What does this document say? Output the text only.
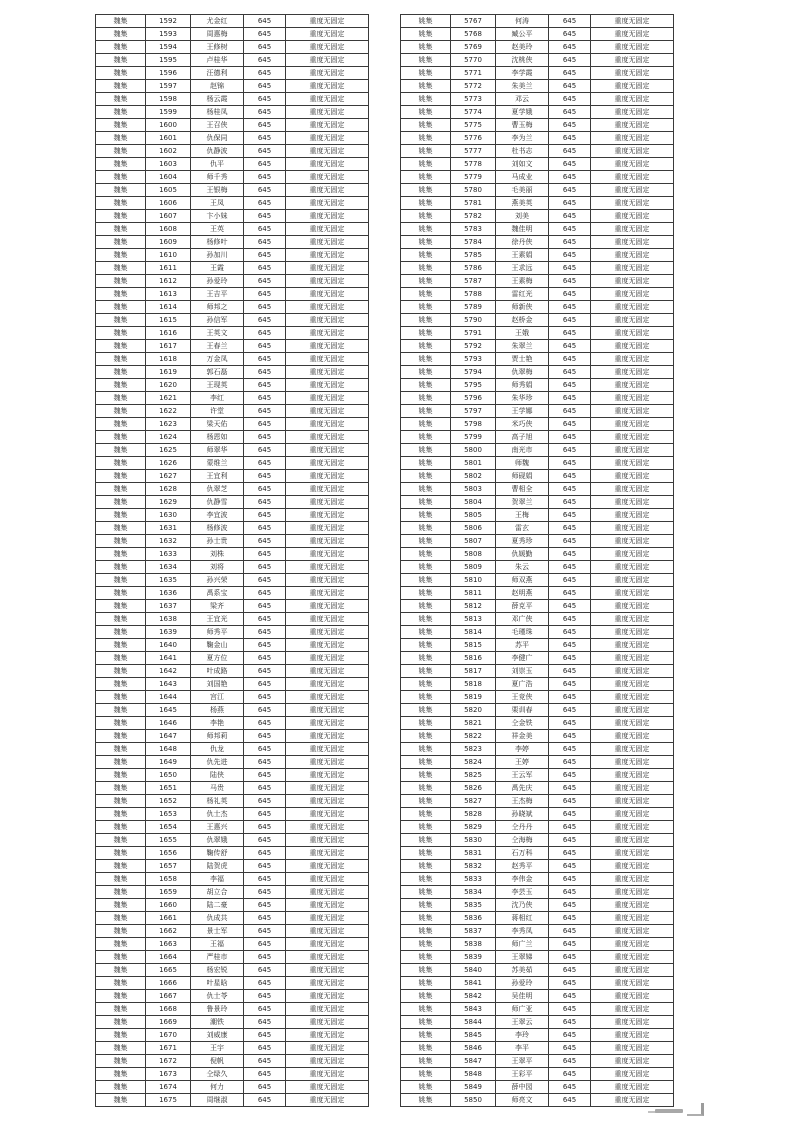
魏集	1592	尤金红	645	重度无固定
魏集	1593	周惠梅	645	重度无固定
魏集	1594	王修树	645	重度无固定
魏集	1595	卢桂华	645	重度无固定
魏集	1596	汪德利	645	重度无固定
魏集	1597	赵锦	645	重度无固定
魏集	1598	杨云霞	645	重度无固定
魏集	1599	杨桂凤	645	重度无固定
魏集	1600	王召侠	645	重度无固定
魏集	1601	仇保同	645	重度无固定
魏集	1602	仇静波	645	重度无固定
魏集	1603	仇平	645	重度无固定
魏集	1604	师千秀	645	重度无固定
魏集	1605	王银梅	645	重度无固定
魏集	1606	王凤	645	重度无固定
魏集	1607	卞小妹	645	重度无固定
魏集	1608	王英	645	重度无固定
魏集	1609	杨修叶	645	重度无固定
魏集	1610	孙加川	645	重度无固定
魏集	1611	王霞	645	重度无固定
魏集	1612	孙爱玲	645	重度无固定
魏集	1613	王吉平	645	重度无固定
魏集	1614	师邦之	645	重度无固定
魏集	1615	孙信军	645	重度无固定
魏集	1616	王英文	645	重度无固定
魏集	1617	王春兰	645	重度无固定
魏集	1618	万金凤	645	重度无固定
魏集	1619	郭石磊	645	重度无固定
魏集	1620	王现英	645	重度无固定
魏集	1621	李红	645	重度无固定
魏集	1622	许堂	645	重度无固定
魏集	1623	梁天佑	645	重度无固定
魏集	1624	杨恩如	645	重度无固定
魏集	1625	师翠华	645	重度无固定
魏集	1626	蒙维兰	645	重度无固定
魏集	1627	王宜利	645	重度无固定
魏集	1628	仇翠芝	645	重度无固定
魏集	1629	仇静雪	645	重度无固定
魏集	1630	李宜波	645	重度无固定
魏集	1631	杨修波	645	重度无固定
魏集	1632	孙士贵	645	重度无固定
魏集	1633	刘株	645	重度无固定
魏集	1634	刘将	645	重度无固定
魏集	1635	孙兴荣	645	重度无固定
魏集	1636	禹系宝	645	重度无固定
魏集	1637	梁齐	645	重度无固定
魏集	1638	王宜光	645	重度无固定
魏集	1639	师秀平	645	重度无固定
魏集	1640	鞠金山	645	重度无固定
魏集	1641	夏方位	645	重度无固定
魏集	1642	叶成路	645	重度无固定
魏集	1643	刘国艳	645	重度无固定
魏集	1644	宫江	645	重度无固定
魏集	1645	杨燕	645	重度无固定
魏集	1646	李艳	645	重度无固定
魏集	1647	师邦莉	645	重度无固定
魏集	1648	仇龙	645	重度无固定
魏集	1649	仇先进	645	重度无固定
魏集	1650	陆侠	645	重度无固定
魏集	1651	马贵	645	重度无固定
魏集	1652	杨礼英	645	重度无固定
魏集	1653	仇士杰	645	重度无固定
魏集	1654	王惠兴	645	重度无固定
魏集	1655	仇翠娥	645	重度无固定
魏集	1656	鞠传舒	645	重度无固定
魏集	1657	陆贺虎	645	重度无固定
魏集	1658	李福	645	重度无固定
魏集	1659	胡立合	645	重度无固定
魏集	1660	陆二豪	645	重度无固定
魏集	1661	仇成共	645	重度无固定
魏集	1662	景士军	645	重度无固定
魏集	1663	王福	645	重度无固定
魏集	1664	严桂市	645	重度无固定
魏集	1665	杨宏锐	645	重度无固定
魏集	1666	叶星晗	645	重度无固定
魏集	1667	仇士苓	645	重度无固定
魏集	1668	鲁景玲	645	重度无固定
魏集	1669	潮铁	645	重度无固定
魏集	1670	刘威康	645	重度无固定
魏集	1671	王宇	645	重度无固定
魏集	1672	倪帆	645	重度无固定
魏集	1673	仝绿久	645	重度无固定
魏集	1674	何力	645	重度无固定
魏集	1675	周继淑	645	重度无固定
姚集	5767	何涛	645	重度无固定
姚集	5768	臧公平	645	重度无固定
姚集	5769	赵美玲	645	重度无固定
姚集	5770	沈桃侠	645	重度无固定
姚集	5771	李学霞	645	重度无固定
姚集	5772	朱美兰	645	重度无固定
姚集	5773	邓云	645	重度无固定
姚集	5774	夏学娥	645	重度无固定
姚集	5775	曹玉梅	645	重度无固定
姚集	5776	李为兰	645	重度无固定
姚集	5777	杜书志	645	重度无固定
姚集	5778	刘如文	645	重度无固定
姚集	5779	马成业	645	重度无固定
姚集	5780	毛美丽	645	重度无固定
姚集	5781	燕美英	645	重度无固定
姚集	5782	刘美	645	重度无固定
姚集	5783	魏佳明	645	重度无固定
姚集	5784	徐丹侠	645	重度无固定
姚集	5785	王素娟	645	重度无固定
姚集	5786	王求远	645	重度无固定
姚集	5787	王素梅	645	重度无固定
姚集	5788	雷红光	645	重度无固定
姚集	5789	师新侠	645	重度无固定
姚集	5790	赵桥金	645	重度无固定
姚集	5791	王娥	645	重度无固定
姚集	5792	朱翠兰	645	重度无固定
姚集	5793	贾士艳	645	重度无固定
姚集	5794	仇翠梅	645	重度无固定
姚集	5795	师秀娟	645	重度无固定
姚集	5796	朱华珍	645	重度无固定
姚集	5797	王学娜	645	重度无固定
姚集	5798	米巧侠	645	重度无固定
姚集	5799	高子旭	645	重度无固定
姚集	5800	南光市	645	重度无固定
姚集	5801	师魏	645	重度无固定
姚集	5802	师砚娟	645	重度无固定
姚集	5803	曹相全	645	重度无固定
姚集	5804	贺翠兰	645	重度无固定
姚集	5805	王梅	645	重度无固定
姚集	5806	雷玄	645	重度无固定
姚集	5807	夏秀珍	645	重度无固定
姚集	5808	仇媛勤	645	重度无固定
姚集	5809	朱云	645	重度无固定
姚集	5810	师双燕	645	重度无固定
姚集	5811	赵明燕	645	重度无固定
姚集	5812	薛克平	645	重度无固定
姚集	5813	邓广侠	645	重度无固定
姚集	5814	毛瑾珠	645	重度无固定
姚集	5815	苏平	645	重度无固定
姚集	5816	李健广	645	重度无固定
姚集	5817	刘崇玉	645	重度无固定
姚集	5818	夏广浩	645	重度无固定
姚集	5819	王竞侠	645	重度无固定
姚集	5820	栗训春	645	重度无固定
姚集	5821	仝金铁	645	重度无固定
姚集	5822	祥金美	645	重度无固定
姚集	5823	李婷	645	重度无固定
姚集	5824	王婷	645	重度无固定
姚集	5825	王云军	645	重度无固定
姚集	5826	禹先庆	645	重度无固定
姚集	5827	王杰梅	645	重度无固定
姚集	5828	孙晓斌	645	重度无固定
姚集	5829	仝丹丹	645	重度无固定
姚集	5830	仝海梅	645	重度无固定
姚集	5831	石万科	645	重度无固定
姚集	5832	赵秀平	645	重度无固定
姚集	5833	李伟金	645	重度无固定
姚集	5834	李芸玉	645	重度无固定
姚集	5835	沈乃侠	645	重度无固定
姚集	5836	蒋相红	645	重度无固定
姚集	5837	李秀凤	645	重度无固定
姚集	5838	师广兰	645	重度无固定
姚集	5839	王翠娣	645	重度无固定
姚集	5840	苏美茹	645	重度无固定
姚集	5841	孙爱玲	645	重度无固定
姚集	5842	吴佳明	645	重度无固定
姚集	5843	师广亚	645	重度无固定
姚集	5844	王翠云	645	重度无固定
姚集	5845	李玲	645	重度无固定
姚集	5846	李平	645	重度无固定
姚集	5847	王翠平	645	重度无固定
姚集	5848	王彩平	645	重度无固定
姚集	5849	薛中园	645	重度无固定
姚集	5850	师亮文	645	重度无固定
